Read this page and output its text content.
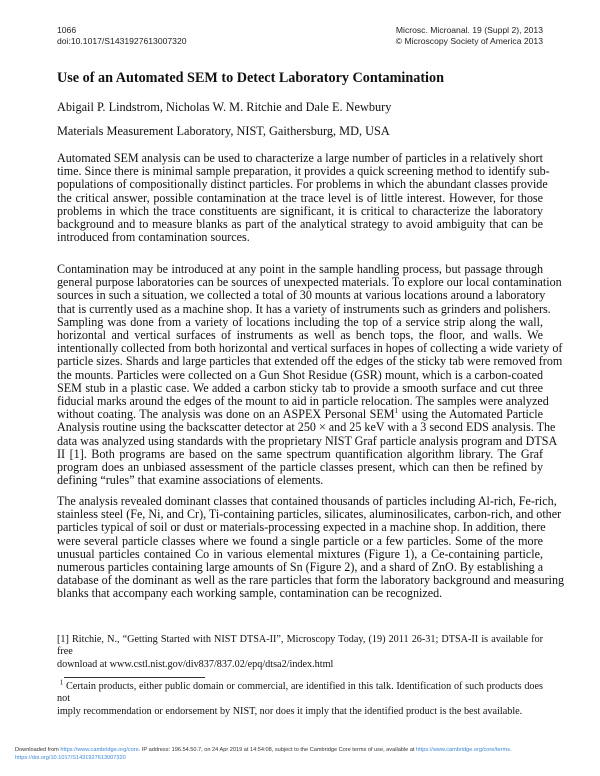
1066
doi:10.1017/S1431927613007320
Microsc. Microanal. 19 (Suppl 2), 2013
© Microscopy Society of America 2013
Use of an Automated SEM to Detect Laboratory Contamination
Abigail P. Lindstrom, Nicholas W. M. Ritchie and Dale E. Newbury
Materials Measurement Laboratory, NIST, Gaithersburg, MD, USA
Automated SEM analysis can be used to characterize a large number of particles in a relatively short
time. Since there is minimal sample preparation, it provides a quick screening method to identify sub-
populations of compositionally distinct particles. For problems in which the abundant classes provide
the critical answer, possible contamination at the trace level is of little interest. However, for those
problems in which the trace constituents are significant, it is critical to characterize the laboratory
background and to measure blanks as part of the analytical strategy to avoid ambiguity that can be
introduced from contamination sources.
Contamination may be introduced at any point in the sample handling process, but passage through
general purpose laboratories can be sources of unexpected materials. To explore our local contamination
sources in such a situation, we collected a total of 30 mounts at various locations around a laboratory
that is currently used as a machine shop. It has a variety of instruments such as grinders and polishers.
Sampling was done from a variety of locations including the top of a service strip along the wall,
horizontal and vertical surfaces of instruments as well as bench tops, the floor, and walls. We
intentionally collected from both horizontal and vertical surfaces in hopes of collecting a wide variety of
particle sizes. Shards and large particles that extended off the edges of the sticky tab were removed from
the mounts. Particles were collected on a Gun Shot Residue (GSR) mount, which is a carbon-coated
SEM stub in a plastic case. We added a carbon sticky tab to provide a smooth surface and cut three
fiducial marks around the edges of the mount to aid in particle relocation. The samples were analyzed
without coating. The analysis was done on an ASPEX Personal SEM$^1$ using the Automated Particle
Analysis routine using the backscatter detector at 250 × and 25 keV with a 3 second EDS analysis. The
data was analyzed using standards with the proprietary NIST Graf particle analysis program and DTSA
II [1]. Both programs are based on the same spectrum quantification algorithm library. The Graf
program does an unbiased assessment of the particle classes present, which can then be refined by
defining “rules” that examine associations of elements.
The analysis revealed dominant classes that contained thousands of particles including Al-rich, Fe-rich,
stainless steel (Fe, Ni, and Cr), Ti-containing particles, silicates, aluminosilicates, carbon-rich, and other
particles typical of soil or dust or materials-processing expected in a machine shop. In addition, there
were several particle classes where we found a single particle or a few particles. Some of the more
unusual particles contained Co in various elemental mixtures (Figure 1), a Ce-containing particle,
numerous particles containing large amounts of Sn (Figure 2), and a shard of ZnO. By establishing a
database of the dominant as well as the rare particles that form the laboratory background and measuring
blanks that accompany each working sample, contamination can be recognized.
[1] Ritchie, N., “Getting Started with NIST DTSA-II”, Microscopy Today, (19) 2011 26-31; DTSA-II is available for free
download at www.cstl.nist.gov/div837/837.02/epq/dtsa2/index.html
$^1$ Certain products, either public domain or commercial, are identified in this talk. Identification of such products does not
imply recommendation or endorsement by NIST, nor does it imply that the identified product is the best available.
Downloaded from https://www.cambridge.org/core. IP address: 196.54.50.7, on 24 Apr 2019 at 14:54:08, subject to the Cambridge Core terms of use, available at https://www.cambridge.org/core/terms.
https://doi.org/10.1017/S1431927613007320
